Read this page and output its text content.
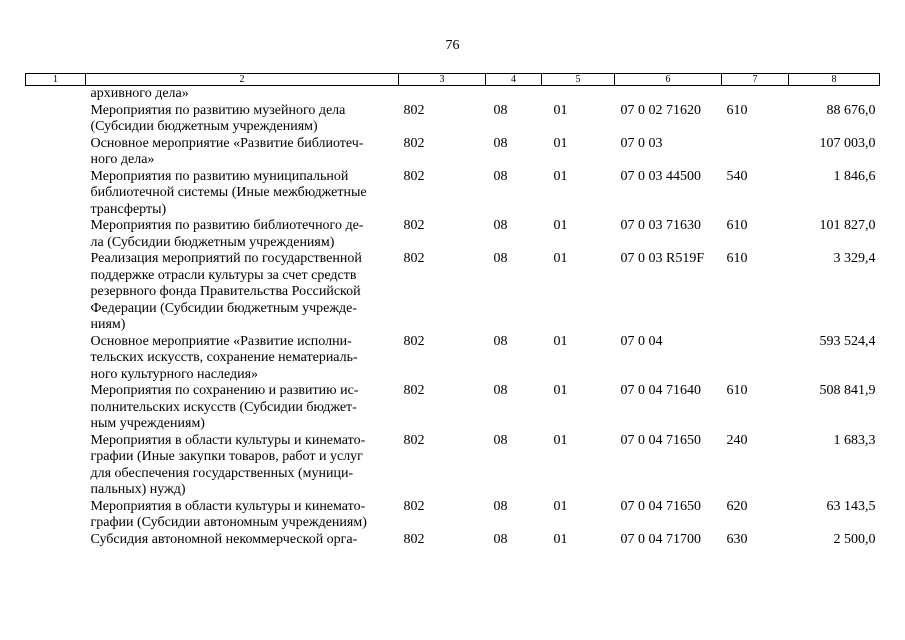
76
1	2	3	4	5	6	7	8
	архивного дела»						
	Мероприятия по развитию музейного дела
(Субсидии бюджетным учреждениям)	802	08	01	07 0 02 71620	610	88 676,0
	Основное мероприятие «Развитие библиотеч-
ного дела»	802	08	01	07 0 03		107 003,0
	Мероприятия по развитию муниципальной
библиотечной системы (Иные межбюджетные
трансферты)	802	08	01	07 0 03 44500	540	1 846,6
	Мероприятия по развитию библиотечного де-
ла (Субсидии бюджетным учреждениям)	802	08	01	07 0 03 71630	610	101 827,0
	Реализация мероприятий по государственной
поддержке отрасли культуры за счет средств
резервного фонда Правительства Российской
Федерации (Субсидии бюджетным учрежде-
ниям)	802	08	01	07 0 03 R519F	610	3 329,4
	Основное мероприятие «Развитие исполни-
тельских искусств, сохранение нематериаль-
ного культурного наследия»	802	08	01	07 0 04		593 524,4
	Мероприятия по сохранению и развитию ис-
полнительских искусств (Субсидии бюджет-
ным учреждениям)	802	08	01	07 0 04 71640	610	508 841,9
	Мероприятия в области культуры и кинемато-
графии (Иные закупки товаров, работ и услуг
для обеспечения государственных (муници-
пальных) нужд)	802	08	01	07 0 04 71650	240	1 683,3
	Мероприятия в области культуры и кинемато-
графии (Субсидии автономным учреждениям)	802	08	01	07 0 04 71650	620	63 143,5
	Субсидия автономной некоммерческой орга-	802	08	01	07 0 04 71700	630	2 500,0
